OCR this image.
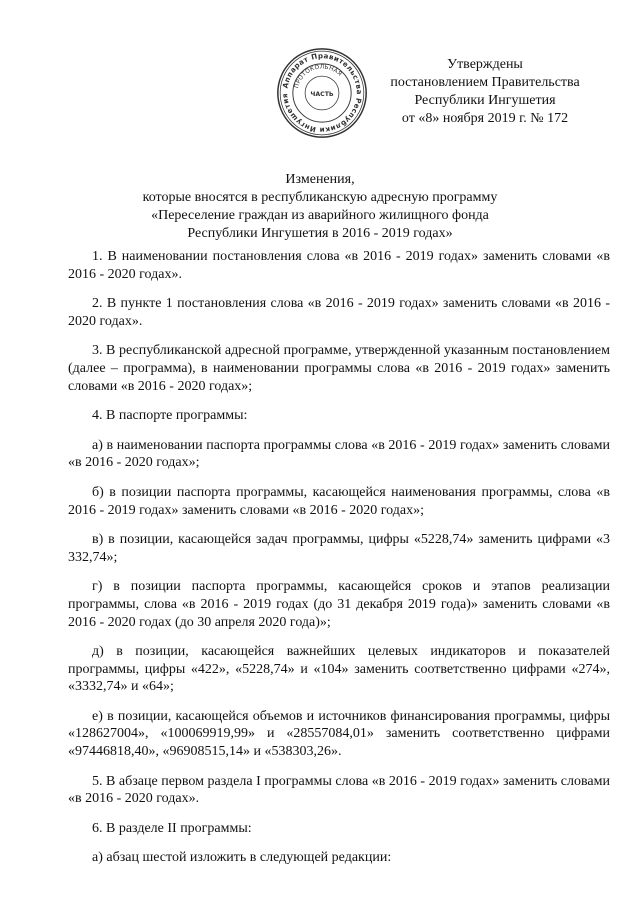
Аппарат Правительства Республики Ингушетия
ПРОТОКОЛЬНАЯ
ЧАСТЬ
Утверждены
постановлением Правительства
Республики Ингушетия
от «8» ноября 2019 г. № 172
Изменения,
которые вносятся в республиканскую адресную программу
«Переселение граждан из аварийного жилищного фонда
Республики Ингушетия в 2016 - 2019 годах»

1. В наименовании постановления слова «в 2016 - 2019 годах» заменить словами «в 2016 - 2020 годах».

2. В пункте 1 постановления слова «в 2016 - 2019 годах» заменить словами «в 2016 - 2020 годах».

3. В республиканской адресной программе, утвержденной указанным постановлением (далее – программа), в наименовании программы слова «в 2016 - 2019 годах» заменить словами «в 2016 - 2020 годах»;

4. В паспорте программы:

а) в наименовании паспорта программы слова «в 2016 - 2019 годах» заменить словами «в 2016 - 2020 годах»;

б) в позиции паспорта программы, касающейся наименования программы, слова «в 2016 - 2019 годах» заменить словами «в 2016 - 2020 годах»;

в) в позиции, касающейся задач программы, цифры «5228,74» заменить цифрами «3 332,74»;

г) в позиции паспорта программы, касающейся сроков и этапов реализации программы, слова «в 2016 - 2019 годах (до 31 декабря 2019 года)» заменить словами «в 2016 - 2020 годах (до 30 апреля 2020 года)»;

д) в позиции, касающейся важнейших целевых индикаторов и показателей программы, цифры «422», «5228,74» и «104» заменить соответственно цифрами «274», «3332,74» и «64»;

е) в позиции, касающейся объемов и источников финансирования программы, цифры «128627004», «100069919,99» и «28557084,01» заменить соответственно цифрами «97446818,40», «96908515,14» и «538303,26».

5. В абзаце первом раздела I программы слова «в 2016 - 2019 годах» заменить словами «в 2016 - 2020 годах».

6. В разделе II программы:

а) абзац шестой изложить в следующей редакции:
